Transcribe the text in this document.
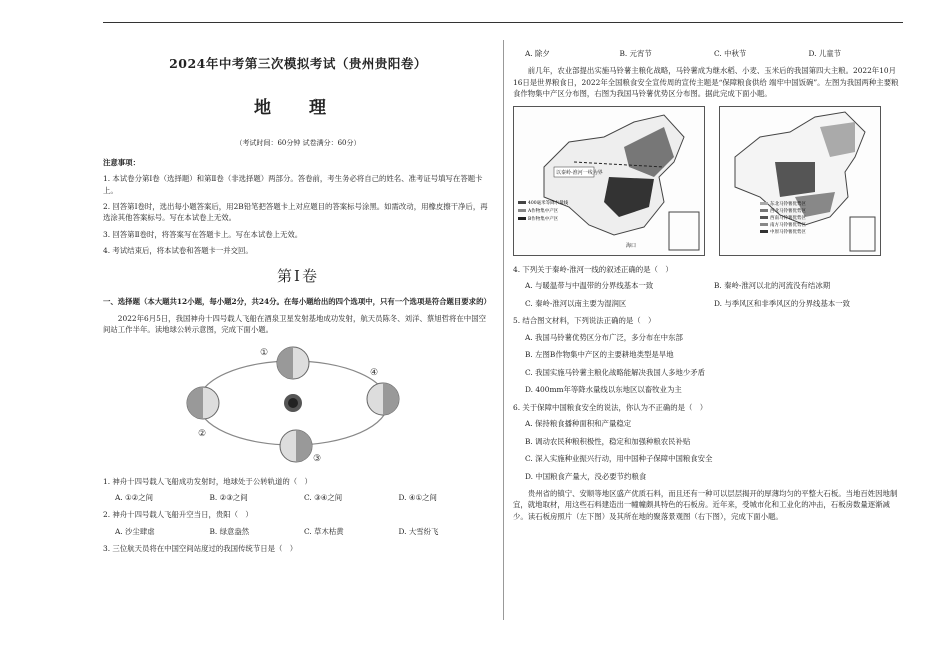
2024年中考第三次模拟考试（贵州贵阳卷）
地 理
（考试时间：60分钟 试卷满分：60分）
注意事项：
1. 本试卷分第Ⅰ卷（选择题）和第Ⅱ卷（非选择题）两部分。答卷前，考生务必将自己的姓名、准考证号填写在答题卡上。
2. 回答第Ⅰ卷时，选出每小题答案后，用2B铅笔把答题卡上对应题目的答案标号涂黑。如需改动，用橡皮擦干净后，再选涂其他答案标号。写在本试卷上无效。
3. 回答第Ⅱ卷时，将答案写在答题卡上。写在本试卷上无效。
4. 考试结束后，将本试卷和答题卡一并交回。
第Ⅰ卷
一、选择题（本大题共12小题，每小题2分，共24分。在每小题给出的四个选项中，只有一个选项是符合题目要求的）
2022年6月5日，我国神舟十四号载人飞船在酒泉卫星发射基地成功发射，航天员陈冬、刘洋、蔡旭哲将在中国空间站工作半年。读地球公转示意图，完成下面小题。
①
②
③
④
1. 神舟十四号载人飞船成功发射时，地球处于公转轨道的（　）
A. ①②之间	B. ②③之间	C. ③④之间	D. ④①之间
2. 神舟十四号载人飞船升空当日，贵阳（　）
A. 沙尘肆虐	B. 绿意盎然	C. 草木枯黄	D. 大雪纷飞
3. 三位航天员将在中国空间站度过的我国传统节日是（　）
A. 除夕	B. 元宵节	C. 中秋节	D. 儿童节
前几年，农业部提出实施马铃薯主粮化战略，马铃薯成为继水稻、小麦、玉米后的我国第四大主粮。2022年10月16日是世界粮食日，2022年全国粮食安全宣传周的宣传主题是“保障粮食供给 端牢中国饭碗”。左图为我国两种主要粮食作物集中产区分布图，右图为我国马铃薯优势区分布图。据此完成下面小题。
以秦岭-淮河一线为界
400毫米等降水量线
A作物集中产区
B作物集中产区
海口
东北马铃薯优势区
西北马铃薯优势区
西南马铃薯优势区
南方马铃薯优势区
中原马铃薯优势区
4. 下列关于秦岭-淮河一线的叙述正确的是（　）
A. 与暖温带与中温带的分界线基本一致	B. 秦岭-淮河以北的河流没有结冰期
C. 秦岭-淮河以南主要为湿润区	D. 与季风区和非季风区的分界线基本一致
5. 结合图文材料，下列说法正确的是（　）
A. 我国马铃薯优势区分布广泛，多分布在中东部
B. 左图B作物集中产区的主要耕地类型是旱地
C. 我国实施马铃薯主粮化战略能解决我国人多地少矛盾
D. 400mm年等降水量线以东地区以畜牧业为主
6. 关于保障中国粮食安全的说法，你认为不正确的是（　）
A. 保持粮食播种面积和产量稳定
B. 调动农民种粮积极性，稳定和加强种粮农民补贴
C. 深入实施种业振兴行动，用中国种子保障中国粮食安全
D. 中国粮食产量大，没必要节约粮食
贵州省的镇宁、安顺等地区盛产优质石料，而且还有一种可以层层揭开的厚薄均匀的平整大石板。当地百姓因地制宜，就地取材，用这些石料建造出一幢幢颇具特色的石板房。近年来，受城市化和工业化的冲击，石板房数量逐渐减少。读石板房照片（左下图）及其所在地的聚落景观图（右下图），完成下面小题。
